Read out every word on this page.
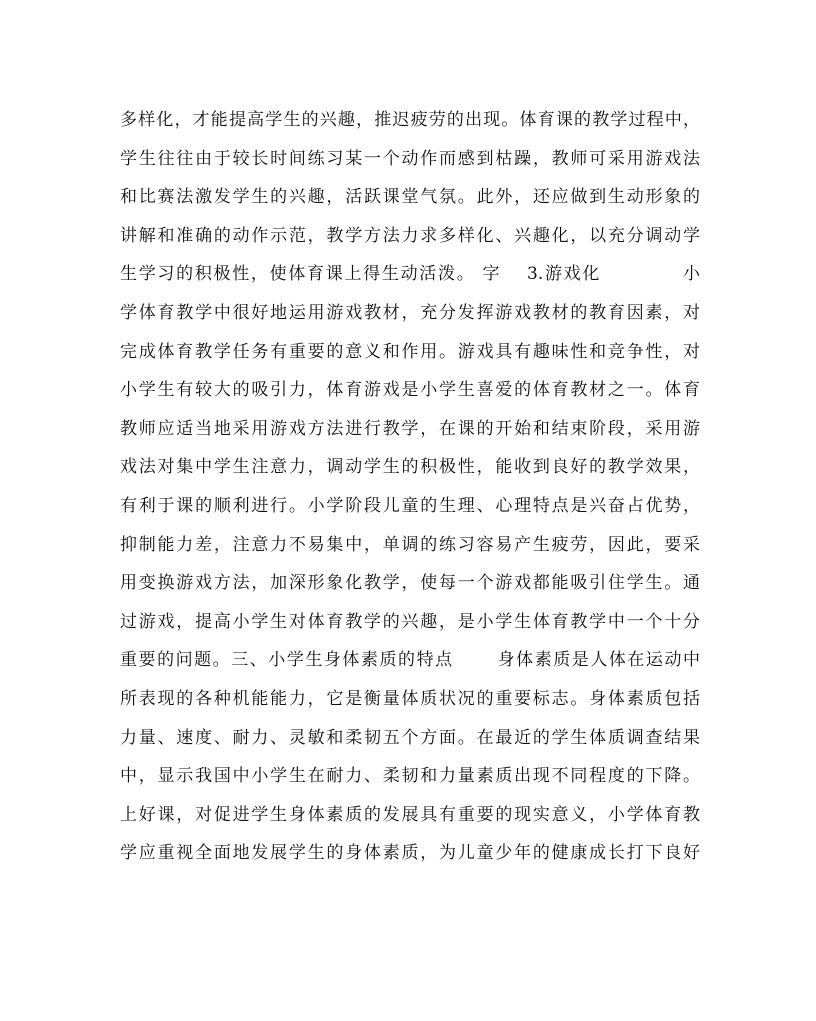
多样化，才能提高学生的兴趣，推迟疲劳的出现。体育课的教学过程中，
学生往往由于较长时间练习某一个动作而感到枯躁，教师可采用游戏法
和比赛法激发学生的兴趣，活跃课堂气氛。此外，还应做到生动形象的
讲解和准确的动作示范，教学方法力求多样化、兴趣化，以充分调动学
生学习的积极性，使体育课上得生动活泼。 字　 3.游戏化　　　　 小
学体育教学中很好地运用游戏教材，充分发挥游戏教材的教育因素，对
完成体育教学任务有重要的意义和作用。游戏具有趣味性和竞争性，对
小学生有较大的吸引力，体育游戏是小学生喜爱的体育教材之一。体育
教师应适当地采用游戏方法进行教学，在课的开始和结束阶段，采用游
戏法对集中学生注意力，调动学生的积极性，能收到良好的教学效果，
有利于课的顺利进行。小学阶段儿童的生理、心理特点是兴奋占优势，
抑制能力差，注意力不易集中，单调的练习容易产生疲劳，因此，要采
用变换游戏方法，加深形象化教学，使每一个游戏都能吸引住学生。通
过游戏，提高小学生对体育教学的兴趣，是小学生体育教学中一个十分
重要的问题。三、小学生身体素质的特点　　 身体素质是人体在运动中
所表现的各种机能能力，它是衡量体质状况的重要标志。身体素质包括
力量、速度、耐力、灵敏和柔韧五个方面。在最近的学生体质调查结果
中，显示我国中小学生在耐力、柔韧和力量素质出现不同程度的下降。
上好课，对促进学生身体素质的发展具有重要的现实意义，小学体育教
学应重视全面地发展学生的身体素质，为儿童少年的健康成长打下良好
